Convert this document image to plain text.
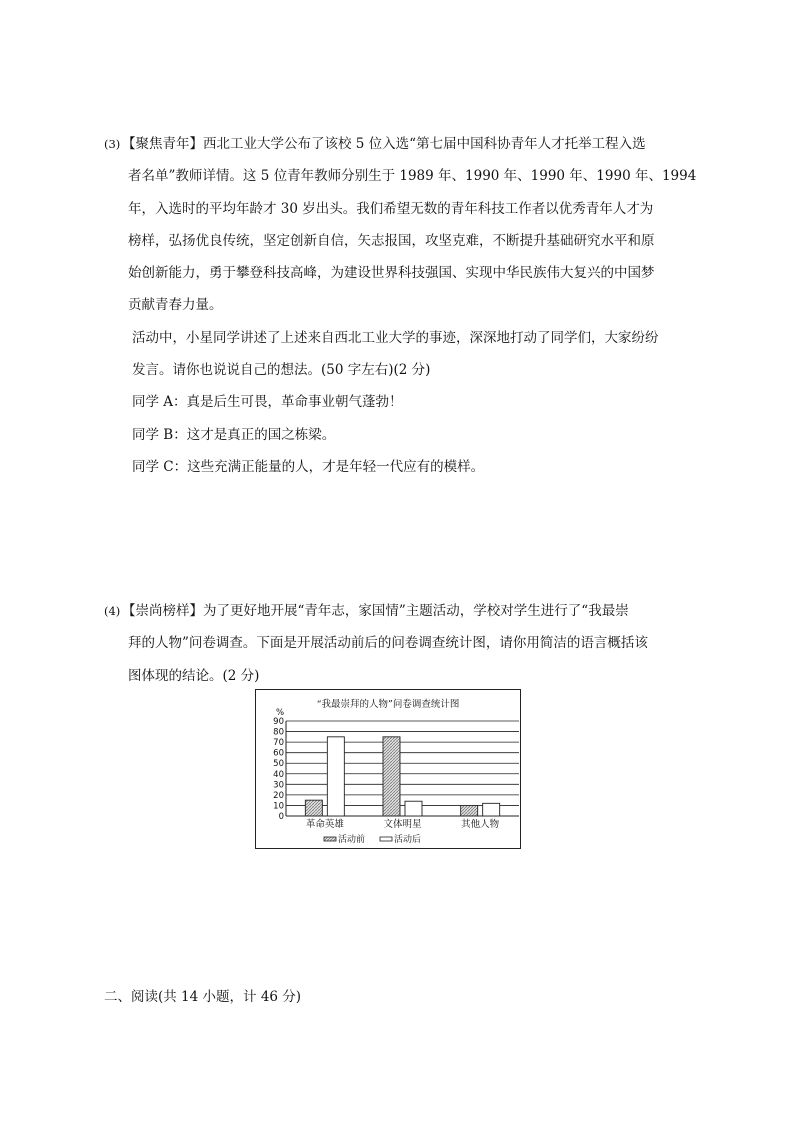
(3) 【聚焦青年】西北工业大学公布了该校 5 位入选“第七届中国科协青年人才托举工程入选

者名单”教师详情。这 5 位青年教师分别生于 1989 年、1990 年、1990 年、1990 年、1994

年，入选时的平均年龄才 30 岁出头。我们希望无数的青年科技工作者以优秀青年人才为

榜样，弘扬优良传统，坚定创新自信，矢志报国，攻坚克难，不断提升基础研究水平和原

始创新能力，勇于攀登科技高峰，为建设世界科技强国、实现中华民族伟大复兴的中国梦

贡献青春力量。

活动中，小星同学讲述了上述来自西北工业大学的事迹，深深地打动了同学们，大家纷纷

发言。请你也说说自己的想法。(50 字左右)(2 分)

同学 A：真是后生可畏，革命事业朝气蓬勃！

同学 B：这才是真正的国之栋梁。

同学 C：这些充满正能量的人，才是年轻一代应有的模样。

(4) 【崇尚榜样】为了更好地开展“青年志，家国情”主题活动，学校对学生进行了“我最崇

拜的人物”问卷调查。下面是开展活动前后的问卷调查统计图，请你用简洁的语言概括该

图体现的结论。(2 分)

“我最崇拜的人物”问卷调查统计图
%
0
10
20
30
40
50
60
70
80
90
革命英雄	文体明星	其他人物
活动前	活动后
二、阅读(共 14 小题，计 46 分)
